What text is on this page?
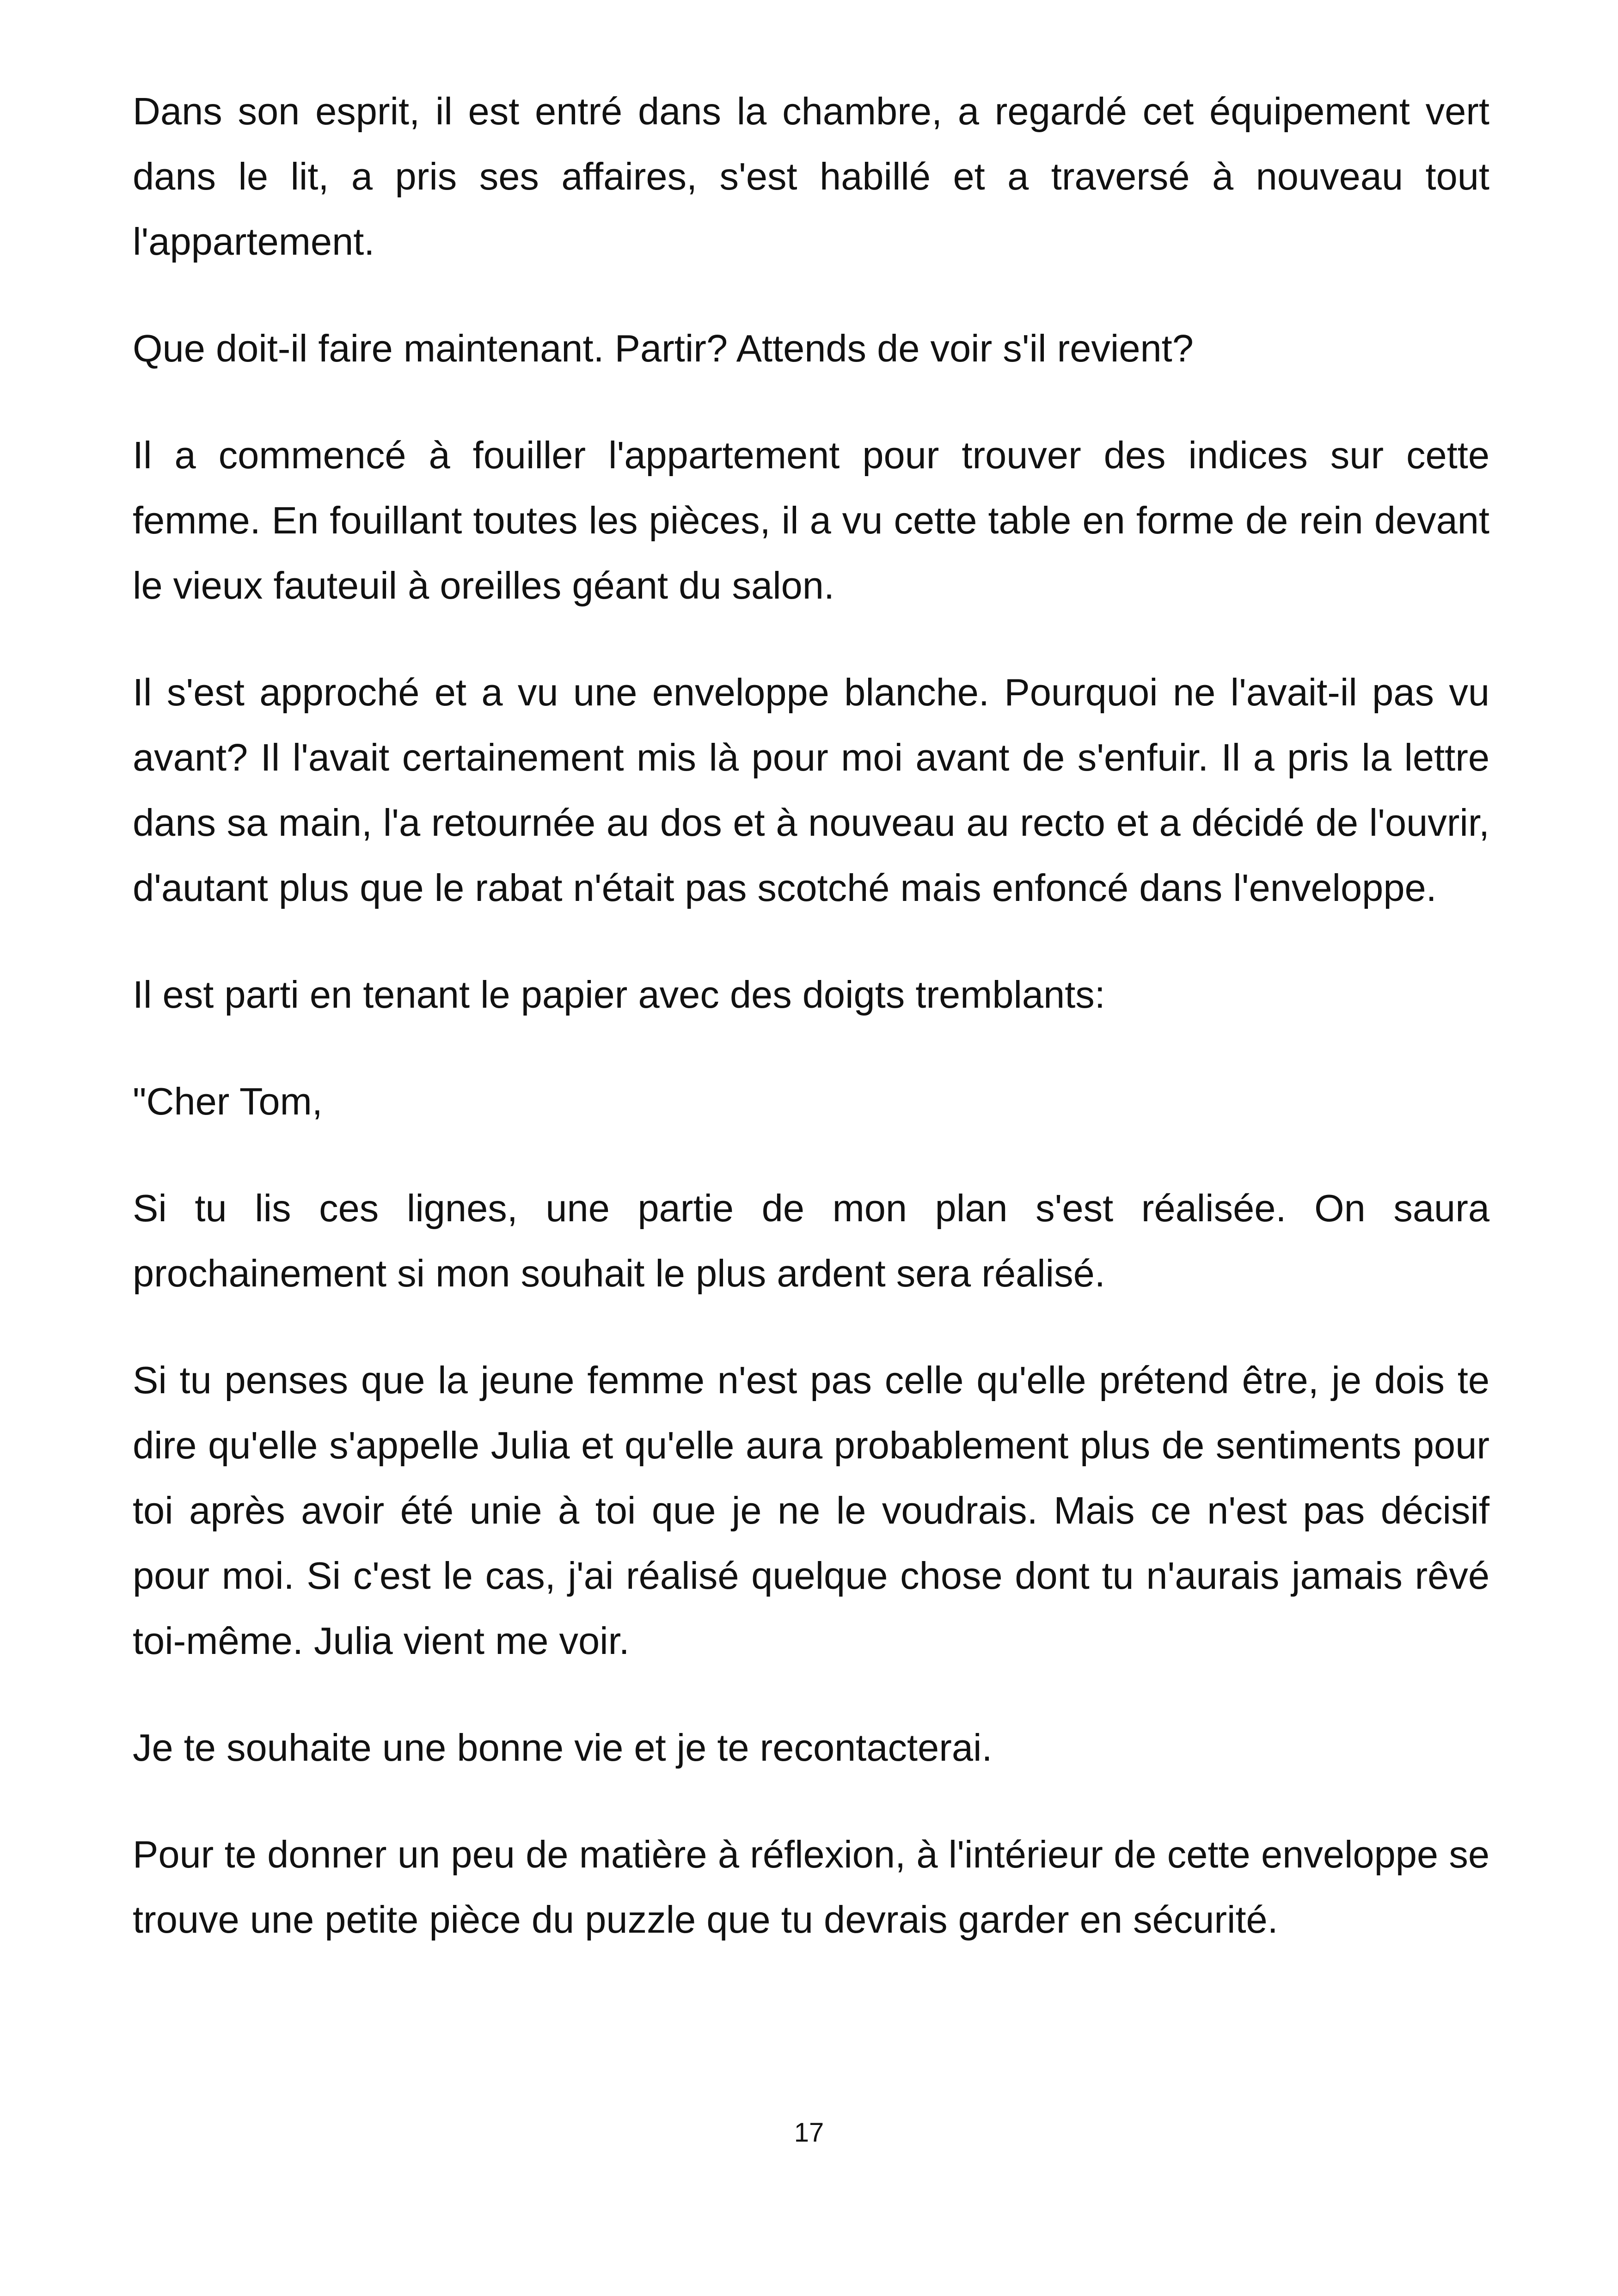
Dans son esprit, il est entré dans la chambre, a regardé cet équipement vert dans le lit, a pris ses affaires, s'est habillé et a traversé à nouveau tout l'appartement.

Que doit-il faire maintenant. Partir? Attends de voir s'il revient?

Il a commencé à fouiller l'appartement pour trouver des indices sur cette femme. En fouillant toutes les pièces, il a vu cette table en forme de rein devant le vieux fauteuil à oreilles géant du salon.

Il s'est approché et a vu une enveloppe blanche. Pourquoi ne l'avait-il pas vu avant? Il l'avait certainement mis là pour moi avant de s'enfuir. Il a pris la lettre dans sa main, l'a retournée au dos et à nouveau au recto et a décidé de l'ouvrir, d'autant plus que le rabat n'était pas scotché mais enfoncé dans l'enveloppe.

Il est parti en tenant le papier avec des doigts tremblants:

"Cher Tom,

Si tu lis ces lignes, une partie de mon plan s'est réalisée. On saura prochainement si mon souhait le plus ardent sera réalisé.

Si tu penses que la jeune femme n'est pas celle qu'elle prétend être, je dois te dire qu'elle s'appelle Julia et qu'elle aura probablement plus de sentiments pour toi après avoir été unie à toi que je ne le voudrais. Mais ce n'est pas décisif pour moi. Si c'est le cas, j'ai réalisé quelque chose dont tu n'aurais jamais rêvé toi-même. Julia vient me voir.

Je te souhaite une bonne vie et je te recontacterai.

Pour te donner un peu de matière à réflexion, à l'intérieur de cette enveloppe se trouve une petite pièce du puzzle que tu devrais garder en sécurité.

17
